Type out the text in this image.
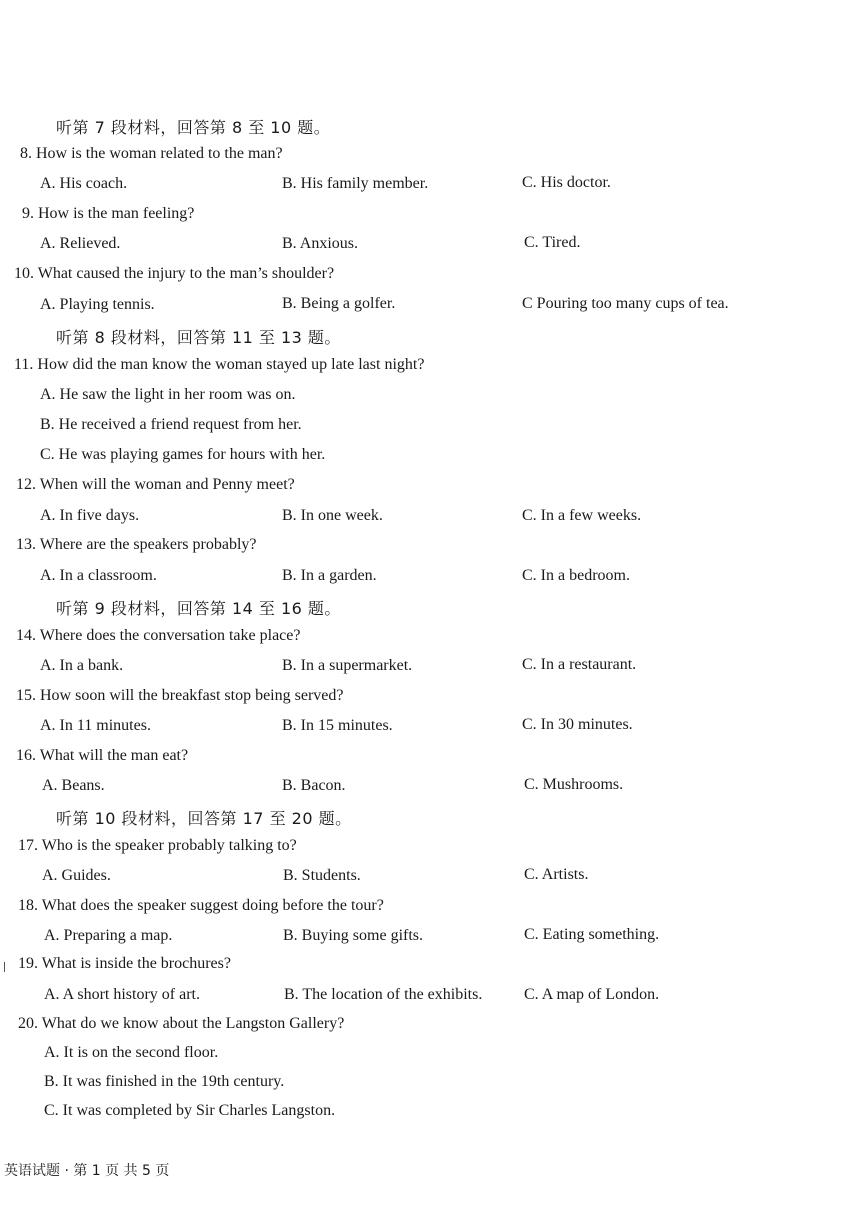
听第 7 段材料，回答第 8 至 10 题。
8. How is the woman related to the man?
A. His coach.	B. His family member.	C. His doctor.
9. How is the man feeling?
A. Relieved.	B. Anxious.	C. Tired.
10. What caused the injury to the man’s shoulder?
A. Playing tennis.	B. Being a golfer.	C Pouring too many cups of tea.
听第 8 段材料，回答第 11 至 13 题。
11. How did the man know the woman stayed up late last night?
A. He saw the light in her room was on.
B. He received a friend request from her.
C. He was playing games for hours with her.
12. When will the woman and Penny meet?
A. In five days.	B. In one week.	C. In a few weeks.
13. Where are the speakers probably?
A. In a classroom.	B. In a garden.	C. In a bedroom.
听第 9 段材料，回答第 14 至 16 题。
14. Where does the conversation take place?
A. In a bank.	B. In a supermarket.	C. In a restaurant.
15. How soon will the breakfast stop being served?
A. In 11 minutes.	B. In 15 minutes.	C. In 30 minutes.
16. What will the man eat?
A. Beans.	B. Bacon.	C. Mushrooms.
听第 10 段材料，回答第 17 至 20 题。
17. Who is the speaker probably talking to?
A. Guides.	B. Students.	C. Artists.
18. What does the speaker suggest doing before the tour?
A. Preparing a map.	B. Buying some gifts.	C. Eating something.
19. What is inside the brochures?
A. A short history of art.	B. The location of the exhibits.	C. A map of London.
20. What do we know about the Langston Gallery?
A. It is on the second floor.
B. It was finished in the 19th century.
C. It was completed by Sir Charles Langston.
英语试题 · 第 1 页 共 5 页
